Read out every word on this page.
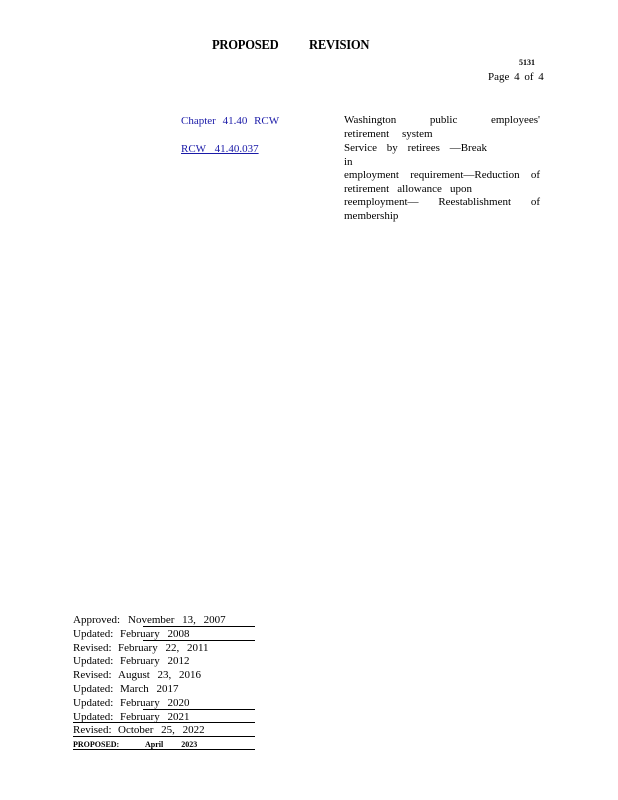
PROPOSED REVISION
5131
Page 4 of 4
Chapter 41.40 RCW	Washington public employees'
retirement system
RCW 41.40.037	Service by retirees —Break in
employment requirement—Reduction of
retirement allowance upon
reemployment— Reestablishment of
membership
Approved: November 13, 2007
Updated: February 2008
Revised: February 22, 2011
Updated: February 2012
Revised: August 23, 2016
Updated: March 2017
Updated: February 2020
Updated: February 2021
Revised: October 25, 2022
PROPOSED:	April 2023
